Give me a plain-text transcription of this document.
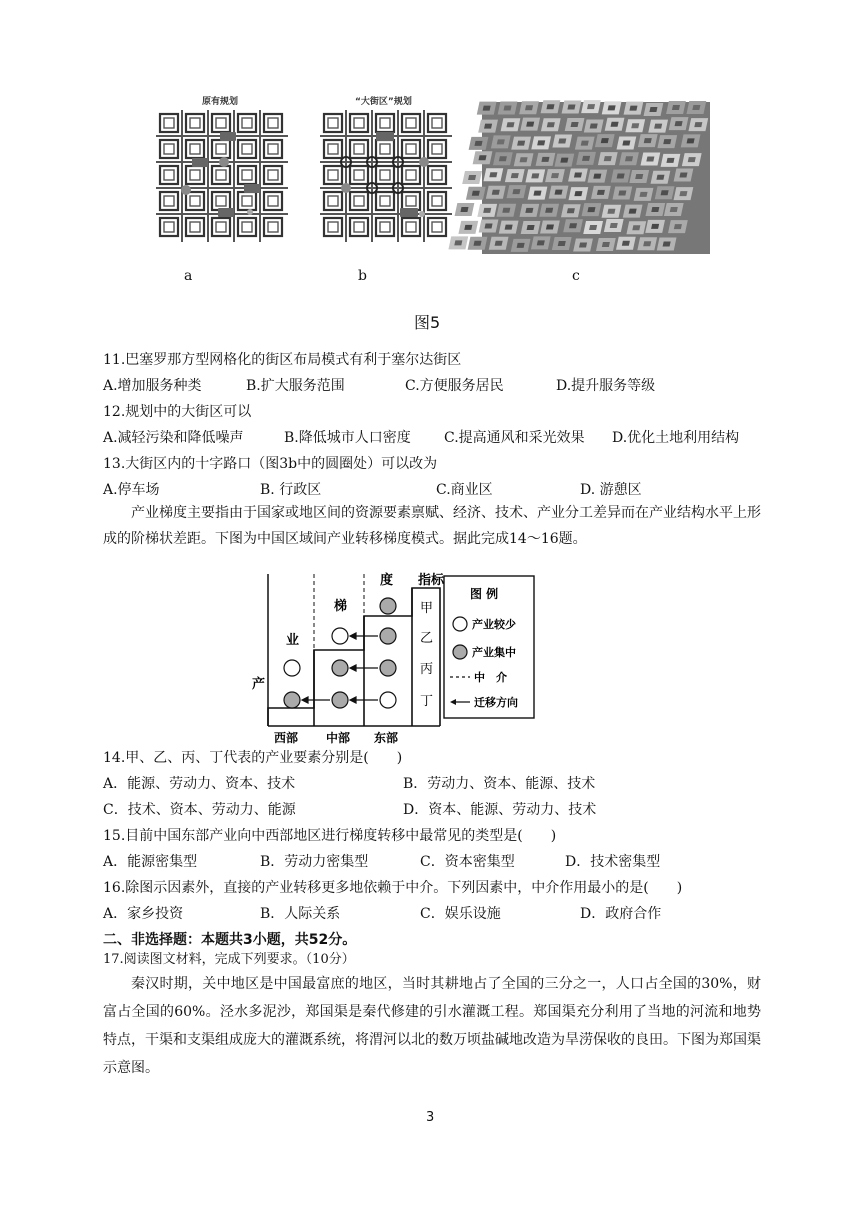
原有规划	“大街区”规划
a	b	c
图5
11.巴塞罗那方型网格化的街区布局模式有利于塞尔达街区
A.增加服务种类	B.扩大服务范围	C.方便服务居民	D.提升服务等级
12.规划中的大街区可以
A.减轻污染和降低噪声	B.降低城市人口密度 C.提高通风和采光效果 D.优化土地利用结构
13.大街区内的十字路口（图3b中的圆圈处）可以改为
A.停车场	B. 行政区	C.商业区	D. 游憩区
产业梯度主要指由于国家或地区间的资源要素禀赋、经济、技术、产业分工差异而在产业结构水平上形成的阶梯状差距。下图为中国区域间产业转移梯度模式。据此完成14～16题。
产
业
梯
度 指标
甲
乙
丙
丁
西部 中部 东部
图 例
产业较少
产业集中
中　介
迁移方向
14.甲、乙、丙、丁代表的产业要素分别是(　　)
A．能源、劳动力、资本、技术	B．劳动力、资本、能源、技术
C．技术、资本、劳动力、能源	D．资本、能源、劳动力、技术
15.目前中国东部产业向中西部地区进行梯度转移中最常见的类型是(　　)
A．能源密集型	B．劳动力密集型	C．资本密集型	D．技术密集型
16.除图示因素外，直接的产业转移更多地依赖于中介。下列因素中，中介作用最小的是(　　)
A．家乡投资	B．人际关系	C．娱乐设施	D．政府合作
二、非选择题：本题共3小题，共52分。
17.阅读图文材料，完成下列要求。（10分）
秦汉时期，关中地区是中国最富庶的地区，当时其耕地占了全国的三分之一，人口占全国的30%，财富占全国的60%。泾水多泥沙，郑国渠是秦代修建的引水灌溉工程。郑国渠充分利用了当地的河流和地势特点，干渠和支渠组成庞大的灌溉系统，将渭河以北的数万顷盐碱地改造为旱涝保收的良田。下图为郑国渠示意图。
3
